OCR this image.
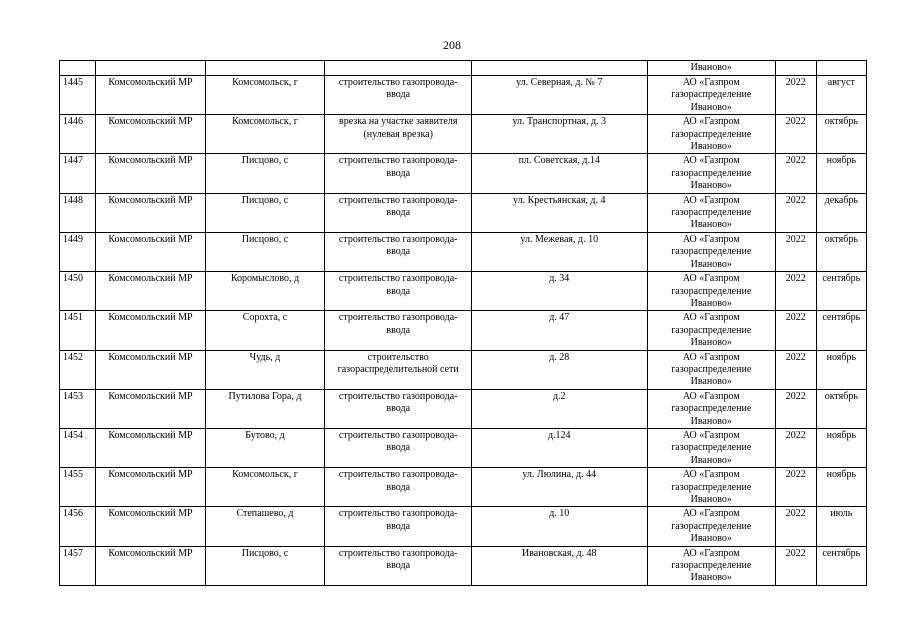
208
					Иваново»		
1445	Комсомольский МР	Комсомольск, г	строительство газопровода-ввода	ул. Северная, д. № 7	АО «Газпром газораспределение Иваново»	2022	август
1446	Комсомольский МР	Комсомольск, г	врезка на участке заявителя (нулевая врезка)	ул. Транспортная, д. 3	АО «Газпром газораспределение Иваново»	2022	октябрь
1447	Комсомольский МР	Писцово, с	строительство газопровода-ввода	пл. Советская, д.14	АО «Газпром газораспределение Иваново»	2022	ноябрь
1448	Комсомольский МР	Писцово, с	строительство газопровода-ввода	ул. Крестьянская, д. 4	АО «Газпром газораспределение Иваново»	2022	декабрь
1449	Комсомольский МР	Писцово, с	строительство газопровода-ввода	ул. Межевая, д. 10	АО «Газпром газораспределение Иваново»	2022	октябрь
1450	Комсомольский МР	Коромыслово, д	строительство газопровода-ввода	д. 34	АО «Газпром газораспределение Иваново»	2022	сентябрь
1451	Комсомольский МР	Сорохта, с	строительство газопровода-ввода	д. 47	АО «Газпром газораспределение Иваново»	2022	сентябрь
1452	Комсомольский МР	Чудь, д	строительство газораспределительной сети	д. 28	АО «Газпром газораспределение Иваново»	2022	ноябрь
1453	Комсомольский МР	Путилова Гора, д	строительство газопровода-ввода	д.2	АО «Газпром газораспределение Иваново»	2022	октябрь
1454	Комсомольский МР	Бутово, д	строительство газопровода-ввода	д.124	АО «Газпром газораспределение Иваново»	2022	ноябрь
1455	Комсомольский МР	Комсомольск, г	строительство газопровода-ввода	ул. Люлина, д. 44	АО «Газпром газораспределение Иваново»	2022	ноябрь
1456	Комсомольский МР	Степашево, д	строительство газопровода-ввода	д. 10	АО «Газпром газораспределение Иваново»	2022	июль
1457	Комсомольский МР	Писцово, с	строительство газопровода-ввода	Ивановская, д. 48	АО «Газпром газораспределение Иваново»	2022	сентябрь
